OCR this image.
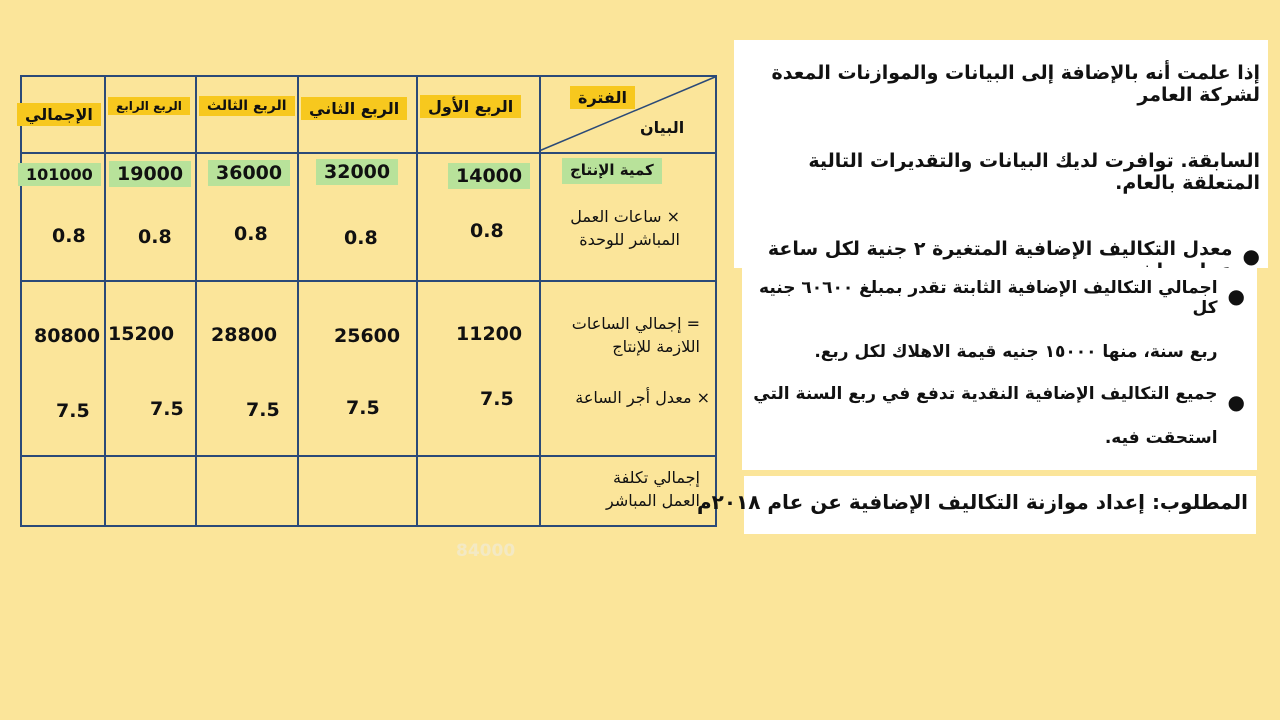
الفترة
البيان
الربع الأول
الربع الثاني
الربع الثالث
الربع الرابع
الإجمالي
كمية الإنتاج
14000
32000
36000
19000
101000
× ساعات العمل
المباشر للوحدة
0.8
0.8
0.8
0.8
0.8
= إجمالي الساعات
اللازمة للإنتاج
11200
25600
28800
15200
80800
× معدل أجر الساعة
7.5
7.5
7.5
7.5
7.5
إجمالي تكلفة
العمل المباشر
84000

إذا علمت أنه بالإضافة إلى البيانات والموازنات المعدة لشركة العامر

السابقة. توافرت لديك البيانات والتقديرات التالية المتعلقة بالعام.

●

معدل التكاليف الإضافية المتغيرة ٢ جنية لكل ساعة

●

اجمالي التكاليف الإضافية الثابتة تقدر بمبلغ ٦٠٦٠٠ جنيه كل

ربع سنة، منها ١٥٠٠٠ جنيه قيمة الاهلاك لكل ربع.

●

جميع التكاليف الإضافية النقدية تدفع في ربع السنة التي

استحقت فيه.

المطلوب: إعداد موازنة التكاليف الإضافية عن عام ٢٠١٨م
